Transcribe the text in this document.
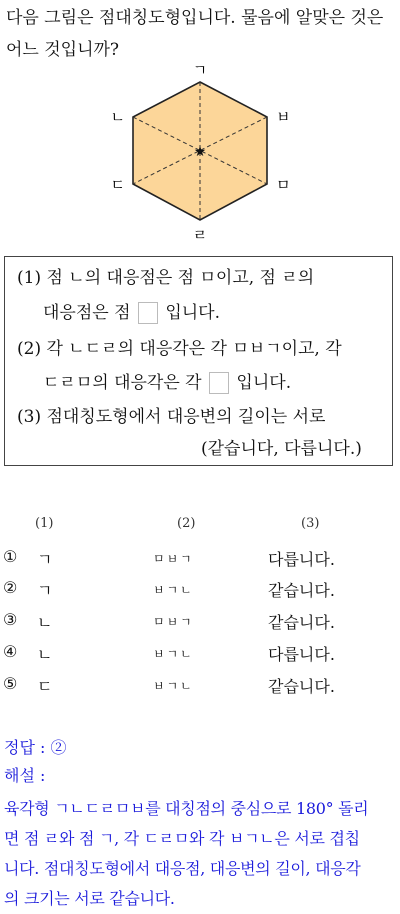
다음 그림은 점대칭도형입니다. 물음에 알맞은 것은
어느 것입니까?
★
ㄱ
ㅂ
ㅁ
ㄹ
ㄷ
ㄴ
(1) 점 ㄴ의 대응점은 점 ㅁ이고, 점 ㄹ의
대응점은 점 입니다.
(2) 각 ㄴㄷㄹ의 대응각은 각 ㅁㅂㄱ이고, 각
ㄷㄹㅁ의 대응각은 각 입니다.
(3) 점대칭도형에서 대응변의 길이는 서로
(같습니다, 다릅니다.)
(1)	(2)	(3)
① ㄱ	ㅁㅂㄱ	다릅니다.
② ㄱ	ㅂㄱㄴ	같습니다.
③ ㄴ	ㅁㅂㄱ	같습니다.
④ ㄴ	ㅂㄱㄴ	다릅니다.
⑤ ㄷ	ㅂㄱㄴ	같습니다.
정답 : ②
해설 :
육각형 ㄱㄴㄷㄹㅁㅂ를 대칭점의 중심으로 180° 돌리
면 점 ㄹ와 점 ㄱ, 각 ㄷㄹㅁ와 각 ㅂㄱㄴ은 서로 겹칩
니다. 점대칭도형에서 대응점, 대응변의 길이, 대응각
의 크기는 서로 같습니다.
